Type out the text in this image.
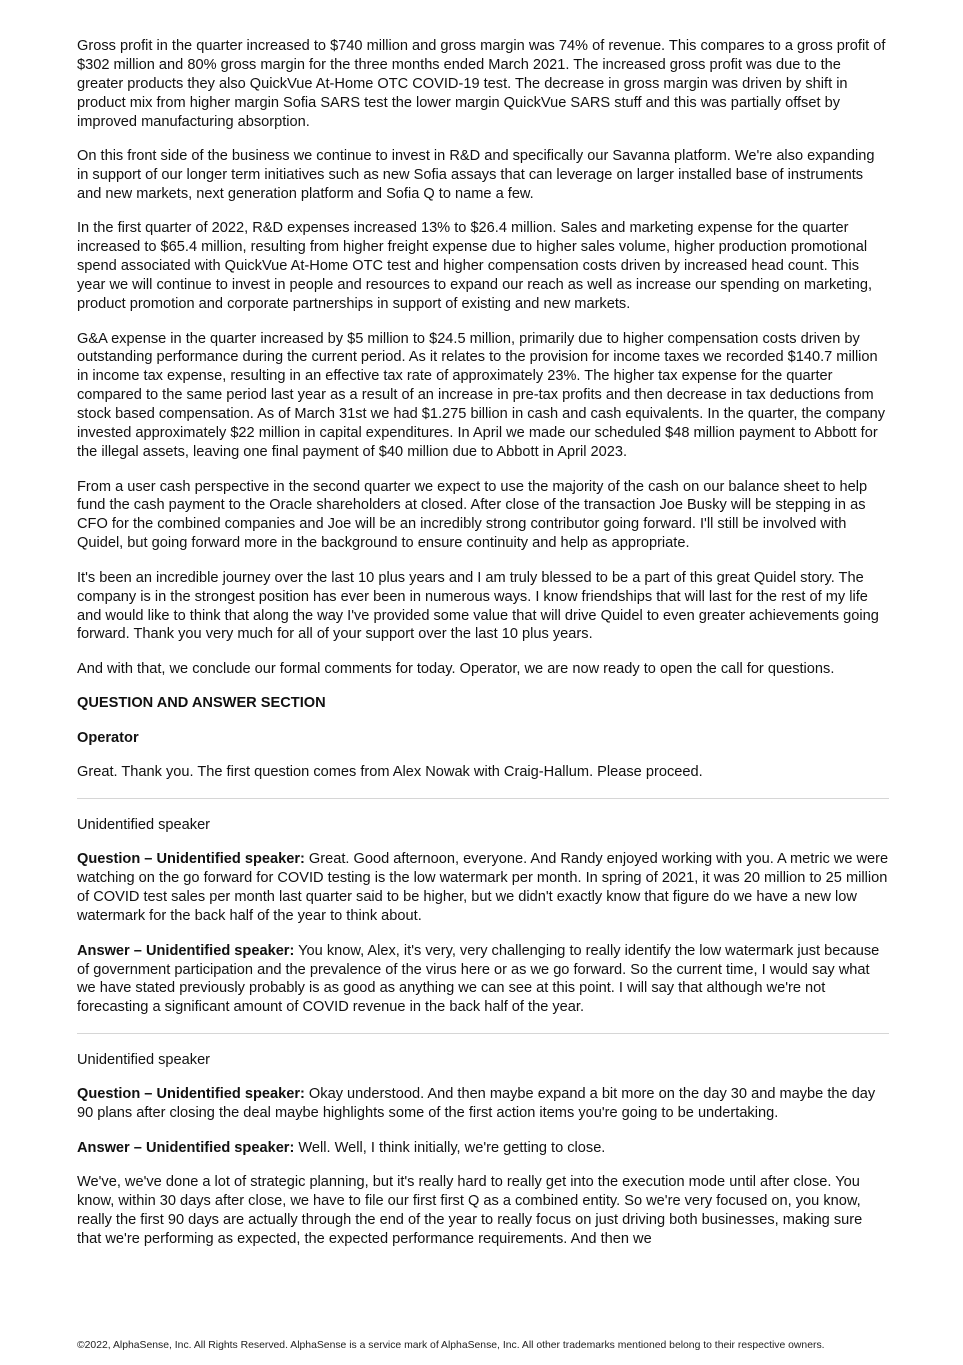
Gross profit in the quarter increased to $740 million and gross margin was 74% of revenue. This compares to a gross profit of $302 million and 80% gross margin for the three months ended March 2021. The increased gross profit was due to the greater products they also QuickVue At-Home OTC COVID-19 test. The decrease in gross margin was driven by shift in product mix from higher margin Sofia SARS test the lower margin QuickVue SARS stuff and this was partially offset by improved manufacturing absorption.

On this front side of the business we continue to invest in R&D and specifically our Savanna platform. We're also expanding in support of our longer term initiatives such as new Sofia assays that can leverage on larger installed base of instruments and new markets, next generation platform and Sofia Q to name a few.

In the first quarter of 2022, R&D expenses increased 13% to $26.4 million. Sales and marketing expense for the quarter increased to $65.4 million, resulting from higher freight expense due to higher sales volume, higher production promotional spend associated with QuickVue At-Home OTC test and higher compensation costs driven by increased head count. This year we will continue to invest in people and resources to expand our reach as well as increase our spending on marketing, product promotion and corporate partnerships in support of existing and new markets.

G&A expense in the quarter increased by $5 million to $24.5 million, primarily due to higher compensation costs driven by outstanding performance during the current period. As it relates to the provision for income taxes we recorded $140.7 million in income tax expense, resulting in an effective tax rate of approximately 23%. The higher tax expense for the quarter compared to the same period last year as a result of an increase in pre-tax profits and then decrease in tax deductions from stock based compensation. As of March 31st we had $1.275 billion in cash and cash equivalents. In the quarter, the company invested approximately $22 million in capital expenditures. In April we made our scheduled $48 million payment to Abbott for the illegal assets, leaving one final payment of $40 million due to Abbott in April 2023.

From a user cash perspective in the second quarter we expect to use the majority of the cash on our balance sheet to help fund the cash payment to the Oracle shareholders at closed. After close of the transaction Joe Busky will be stepping in as CFO for the combined companies and Joe will be an incredibly strong contributor going forward. I'll still be involved with Quidel, but going forward more in the background to ensure continuity and help as appropriate.

It's been an incredible journey over the last 10 plus years and I am truly blessed to be a part of this great Quidel story. The company is in the strongest position has ever been in numerous ways. I know friendships that will last for the rest of my life and would like to think that along the way I've provided some value that will drive Quidel to even greater achievements going forward. Thank you very much for all of your support over the last 10 plus years.

And with that, we conclude our formal comments for today. Operator, we are now ready to open the call for questions.

QUESTION AND ANSWER SECTION

Operator

Great. Thank you. The first question comes from Alex Nowak with Craig-Hallum. Please proceed.

Unidentified speaker

Question – Unidentified speaker: Great. Good afternoon, everyone. And Randy enjoyed working with you. A metric we were watching on the go forward for COVID testing is the low watermark per month. In spring of 2021, it was 20 million to 25 million of COVID test sales per month last quarter said to be higher, but we didn't exactly know that figure do we have a new low watermark for the back half of the year to think about.

Answer – Unidentified speaker: You know, Alex, it's very, very challenging to really identify the low watermark just because of government participation and the prevalence of the virus here or as we go forward. So the current time, I would say what we have stated previously probably is as good as anything we can see at this point. I will say that although we're not forecasting a significant amount of COVID revenue in the back half of the year.

Unidentified speaker

Question – Unidentified speaker: Okay understood. And then maybe expand a bit more on the day 30 and maybe the day 90 plans after closing the deal maybe highlights some of the first action items you're going to be undertaking.

Answer – Unidentified speaker: Well. Well, I think initially, we're getting to close.

We've, we've done a lot of strategic planning, but it's really hard to really get into the execution mode until after close. You know, within 30 days after close, we have to file our first first Q as a combined entity. So we're very focused on, you know, really the first 90 days are actually through the end of the year to really focus on just driving both businesses, making sure that we're performing as expected, the expected performance requirements. And then we

©2022, AlphaSense, Inc. All Rights Reserved. AlphaSense is a service mark of AlphaSense, Inc. All other trademarks mentioned belong to their respective owners.
